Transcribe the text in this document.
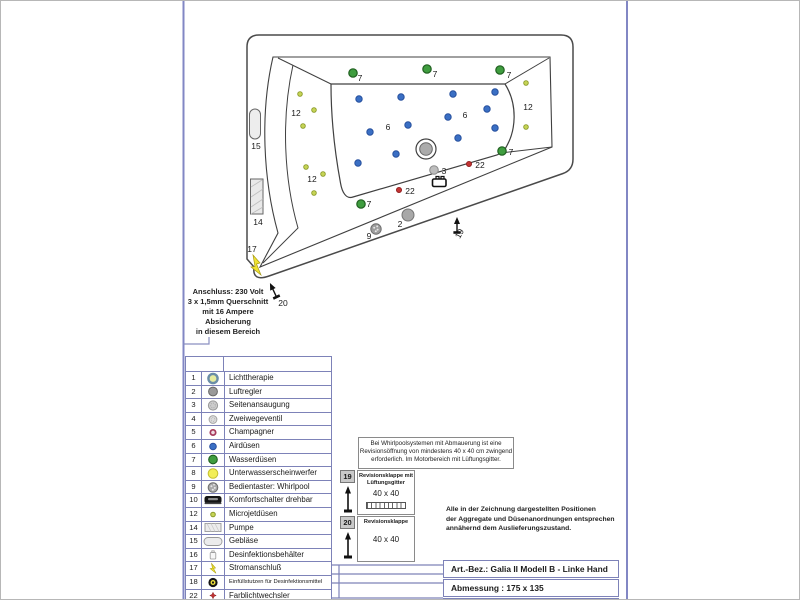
7	7	7
7
7
6
6
12
12
12
22
22
3
2
9
15
14
17
20
19
Anschluss: 230 Volt
3 x 1,5mm Querschnitt
mit 16 Ampere
Absicherung
in diesem Bereich
1	Lichttherapie
2	Luftregler
3	Seitenansaugung
4	Zweiwegeventil
5	Champagner
6	Airdüsen
7	Wasserdüsen
8	Unterwasserscheinwerfer
9	Bedientaster: Whirlpool
10	Komfortschalter drehbar
12	Microjetdüsen
14	Pumpe
15	Gebläse
16	Desinfektionsbehälter
17	Stromanschluß
18	Einfüllstutzen für Desinfektionsmittel
22	Farblichtwechsler
Bei Whirlpoolsystemen mit Abmauerung ist eine Revisionsöffnung von mindestens 40 x 40 cm zwingend erforderlich. Im Motorbereich mit Lüftungsgitter.
19	Revisionsklappe mit
Lüftungsgitter
40 x 40
20	Revisionsklappe
40 x 40
Alle in der Zeichnung dargestellten Positionen
der Aggregate und Düsenanordnungen entsprechen
annähernd dem Auslieferungszustand.
Art.-Bez.: Galia II Modell B - Linke Hand
Abmessung : 175 x 135
